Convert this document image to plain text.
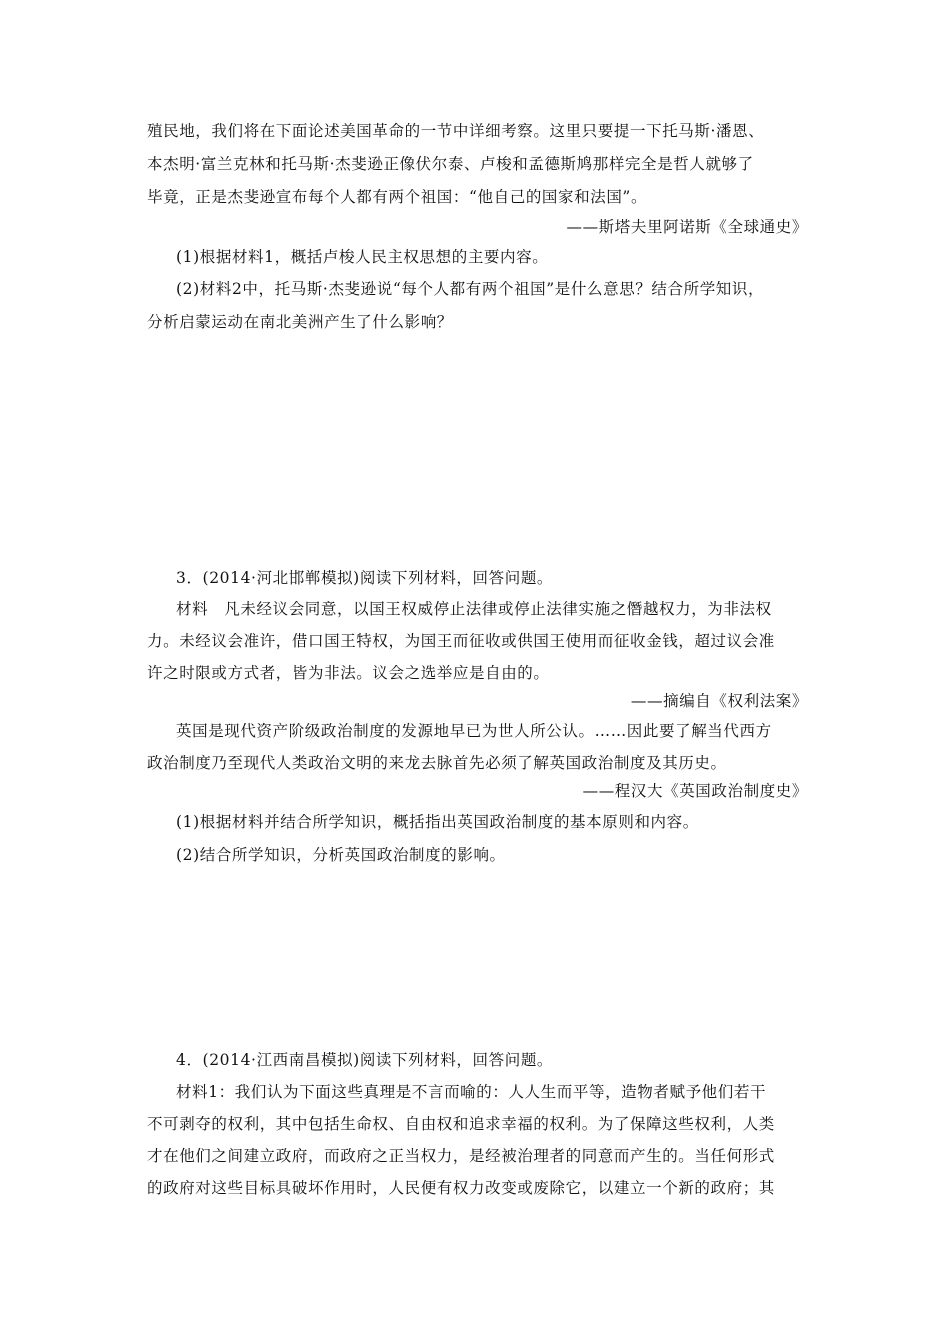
殖民地，我们将在下面论述美国革命的一节中详细考察。这里只要提一下托马斯·潘恩、
本杰明·富兰克林和托马斯·杰斐逊正像伏尔泰、卢梭和孟德斯鸠那样完全是哲人就够了
毕竟，正是杰斐逊宣布每个人都有两个祖国：“他自己的国家和法国”。
——斯塔夫里阿诺斯《全球通史》
(1)根据材料1，概括卢梭人民主权思想的主要内容。
(2)材料2中，托马斯·杰斐逊说“每个人都有两个祖国”是什么意思？结合所学知识，
分析启蒙运动在南北美洲产生了什么影响？
3．(2014·河北邯郸模拟)阅读下列材料，回答问题。
材料　凡未经议会同意，以国王权威停止法律或停止法律实施之僭越权力，为非法权
力。未经议会准许，借口国王特权，为国王而征收或供国王使用而征收金钱，超过议会准
许之时限或方式者，皆为非法。议会之选举应是自由的。
——摘编自《权利法案》
英国是现代资产阶级政治制度的发源地早已为世人所公认。……因此要了解当代西方
政治制度乃至现代人类政治文明的来龙去脉首先必须了解英国政治制度及其历史。
——程汉大《英国政治制度史》
(1)根据材料并结合所学知识，概括指出英国政治制度的基本原则和内容。
(2)结合所学知识，分析英国政治制度的影响。
4．(2014·江西南昌模拟)阅读下列材料，回答问题。
材料1：我们认为下面这些真理是不言而喻的：人人生而平等，造物者赋予他们若干
不可剥夺的权利，其中包括生命权、自由权和追求幸福的权利。为了保障这些权利，人类
才在他们之间建立政府，而政府之正当权力，是经被治理者的同意而产生的。当任何形式
的政府对这些目标具破坏作用时，人民便有权力改变或废除它，以建立一个新的政府；其
